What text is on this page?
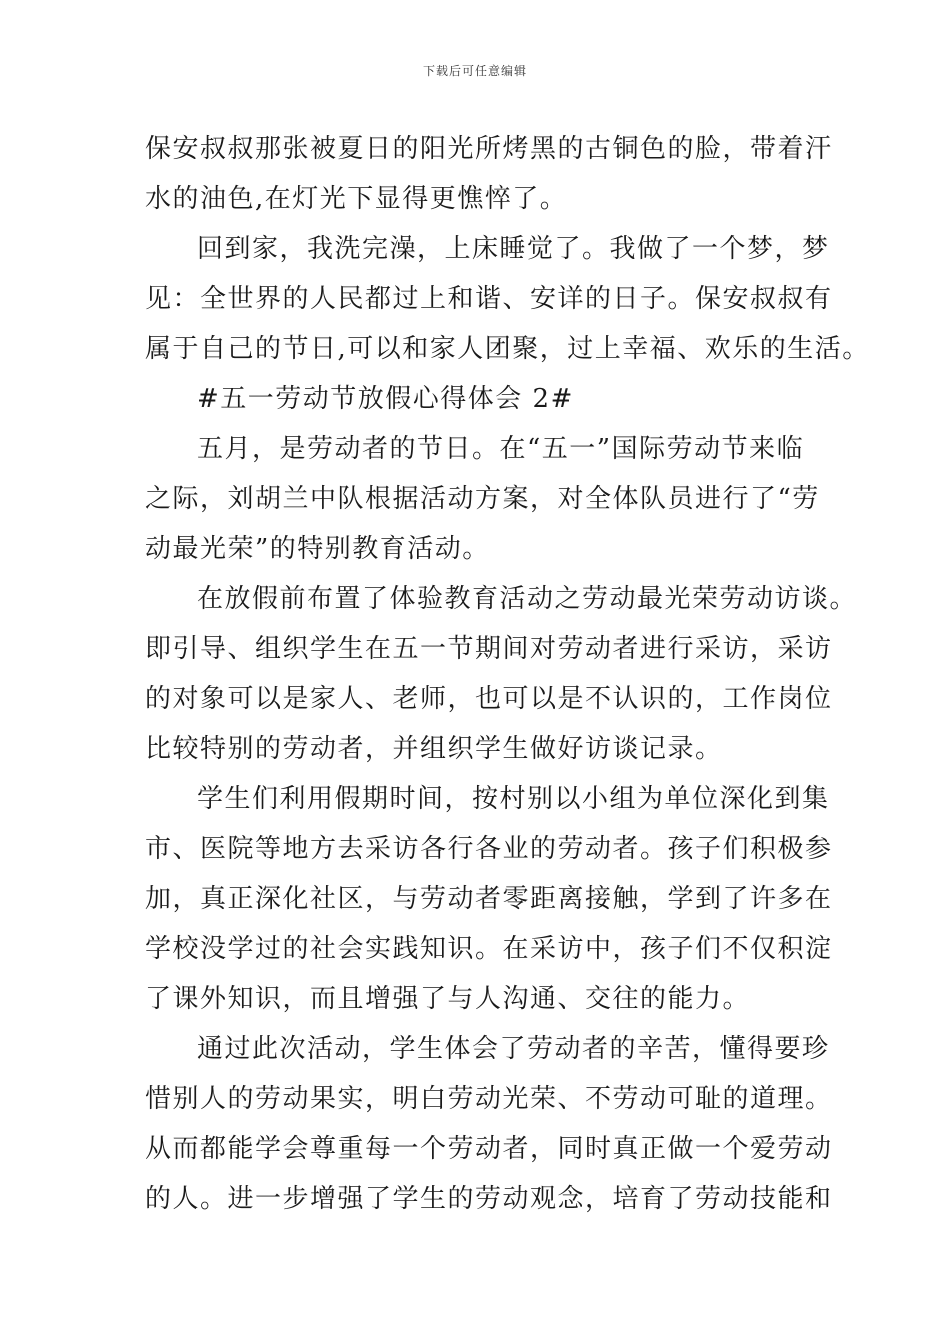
下载后可任意编辑
保安叔叔那张被夏日的阳光所烤黑的古铜色的脸，带着汗
水的油色,在灯光下显得更憔悴了。
回到家，我洗完澡，上床睡觉了。我做了一个梦，梦
见：全世界的人民都过上和谐、安详的日子。保安叔叔有
属于自己的节日,可以和家人团聚，过上幸福、欢乐的生活。
#五一劳动节放假心得体会 2#
五月，是劳动者的节日。在“五一”国际劳动节来临
之际，刘胡兰中队根据活动方案，对全体队员进行了“劳
动最光荣”的特别教育活动。
在放假前布置了体验教育活动之劳动最光荣劳动访谈。
即引导、组织学生在五一节期间对劳动者进行采访，采访
的对象可以是家人、老师，也可以是不认识的，工作岗位
比较特别的劳动者，并组织学生做好访谈记录。
学生们利用假期时间，按村别以小组为单位深化到集
市、医院等地方去采访各行各业的劳动者。孩子们积极参
加，真正深化社区，与劳动者零距离接触，学到了许多在
学校没学过的社会实践知识。在采访中，孩子们不仅积淀
了课外知识，而且增强了与人沟通、交往的能力。
通过此次活动，学生体会了劳动者的辛苦，懂得要珍
惜别人的劳动果实，明白劳动光荣、不劳动可耻的道理。
从而都能学会尊重每一个劳动者，同时真正做一个爱劳动
的人。进一步增强了学生的劳动观念，培育了劳动技能和
